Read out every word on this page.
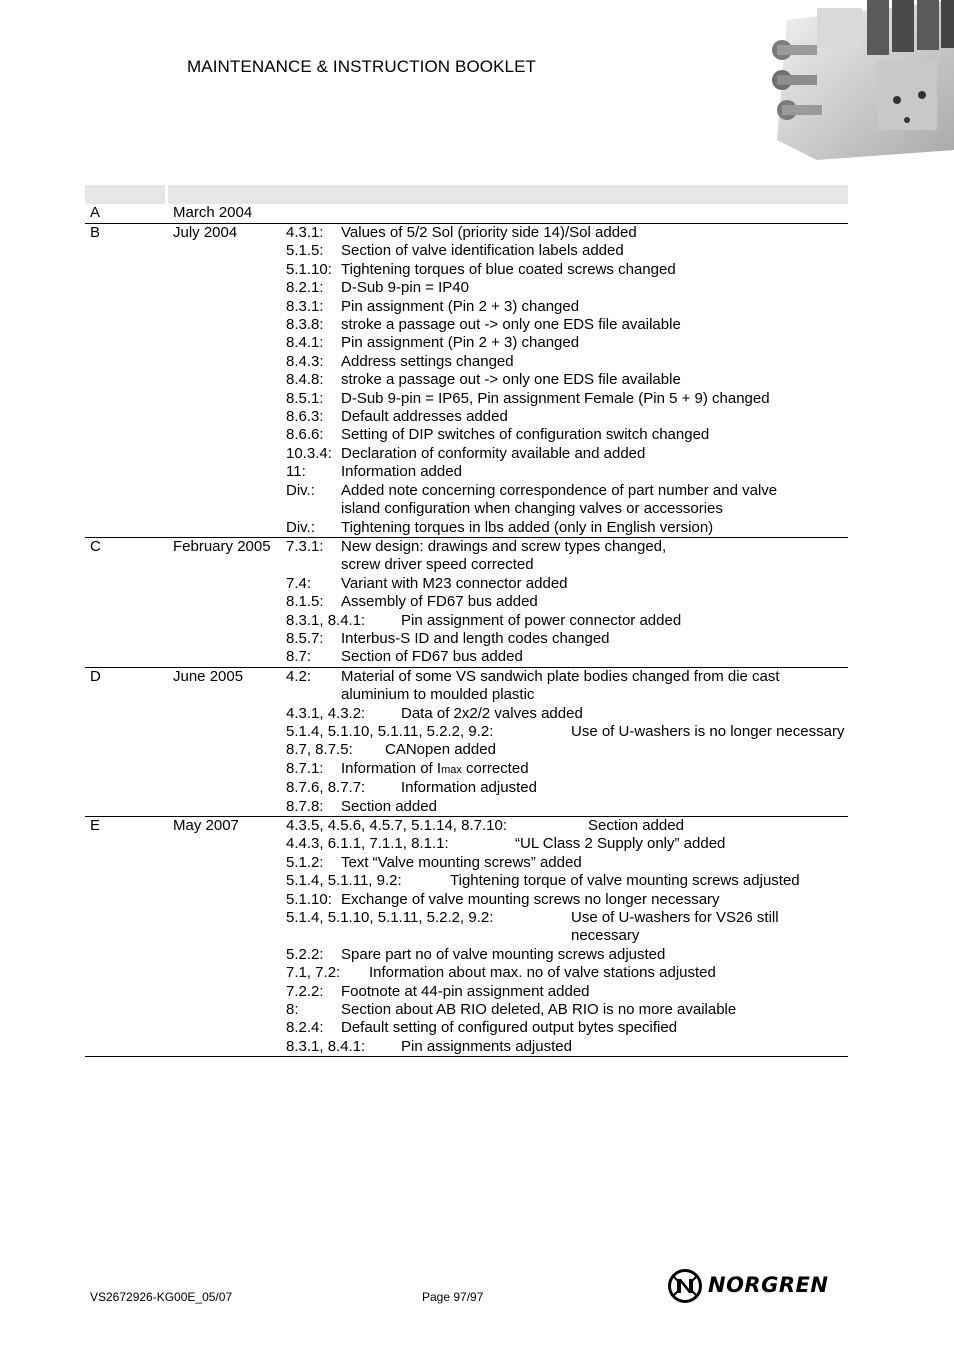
MAINTENANCE & INSTRUCTION BOOKLET
A	March 2004
B	July 2004	4.3.1:	Values of 5/2 Sol (priority side 14)/Sol added
5.1.5:	Section of valve identification labels added
5.1.10: Tightening torques of blue coated screws changed
8.2.1:	D-Sub 9-pin = IP40
8.3.1:	Pin assignment (Pin 2 + 3) changed
8.3.8:	stroke a passage out -> only one EDS file available
8.4.1:	Pin assignment (Pin 2 + 3) changed
8.4.3:	Address settings changed
8.4.8:	stroke a passage out -> only one EDS file available
8.5.1:	D-Sub 9-pin = IP65, Pin assignment Female (Pin 5 + 9) changed
8.6.3:	Default addresses added
8.6.6:	Setting of DIP switches of configuration switch changed
10.3.4: Declaration of conformity available and added
11:	Information added
Div.:	Added note concerning correspondence of part number and valve island configuration when changing valves or accessories
Div.:	Tightening torques in lbs added (only in English version)
C	February 2005 7.3.1:	New design: drawings and screw types changed,
screw driver speed corrected
7.4:	Variant with M23 connector added
8.1.5:	Assembly of FD67 bus added
8.3.1, 8.4.1:	Pin assignment of power connector added
8.5.7:	Interbus-S ID and length codes changed
8.7:	Section of FD67 bus added
D	June 2005	4.2:	Material of some VS sandwich plate bodies changed from die cast aluminium to moulded plastic
4.3.1, 4.3.2:	Data of 2x2/2 valves added
5.1.4, 5.1.10, 5.1.11, 5.2.2, 9.2:	Use of U-washers is no longer necessary
8.7, 8.7.5:	CANopen added
8.7.1:	Information of Imax corrected
8.7.6, 8.7.7:	Information adjusted
8.7.8:	Section added
E	May 2007	4.3.5, 4.5.6, 4.5.7, 5.1.14, 8.7.10:	Section added
4.4.3, 6.1.1, 7.1.1, 8.1.1:	“UL Class 2 Supply only” added
5.1.2:	Text “Valve mounting screws” added
5.1.4, 5.1.11, 9.2:	Tightening torque of valve mounting screws adjusted
5.1.10: Exchange of valve mounting screws no longer necessary
5.1.4, 5.1.10, 5.1.11, 5.2.2, 9.2:	Use of U-washers for VS26 still necessary
5.2.2:	Spare part no of valve mounting screws adjusted
7.1, 7.2:	Information about max. no of valve stations adjusted
7.2.2:	Footnote at 44-pin assignment added
8:	Section about AB RIO deleted, AB RIO is no more available
8.2.4:	Default setting of configured output bytes specified
8.3.1, 8.4.1:	Pin assignments adjusted
VS2672926-KG00E_05/07	Page 97/97	NORGREN
